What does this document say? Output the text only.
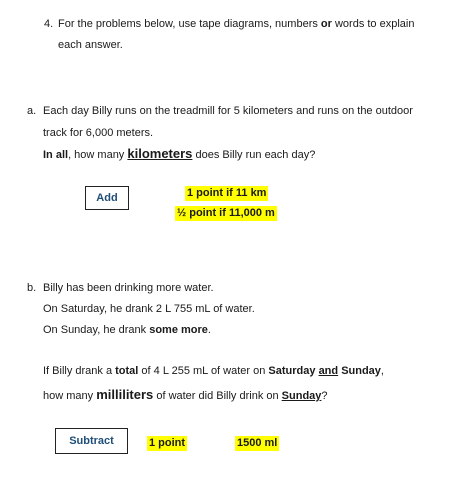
4. For the problems below, use tape diagrams, numbers or words to explain
each answer.
a. Each day Billy runs on the treadmill for 5 kilometers and runs on the outdoor
track for 6,000 meters.
In all, how many kilometers does Billy run each day?
Add	1 point if 11 km
½ point if 11,000 m
b. Billy has been drinking more water.
On Saturday, he drank 2 L 755 mL of water.
On Sunday, he drank some more.
If Billy drank a total of 4 L 255 mL of water on Saturday and Sunday,
how many milliliters of water did Billy drink on Sunday?
Subtract	1 point	1500 ml
